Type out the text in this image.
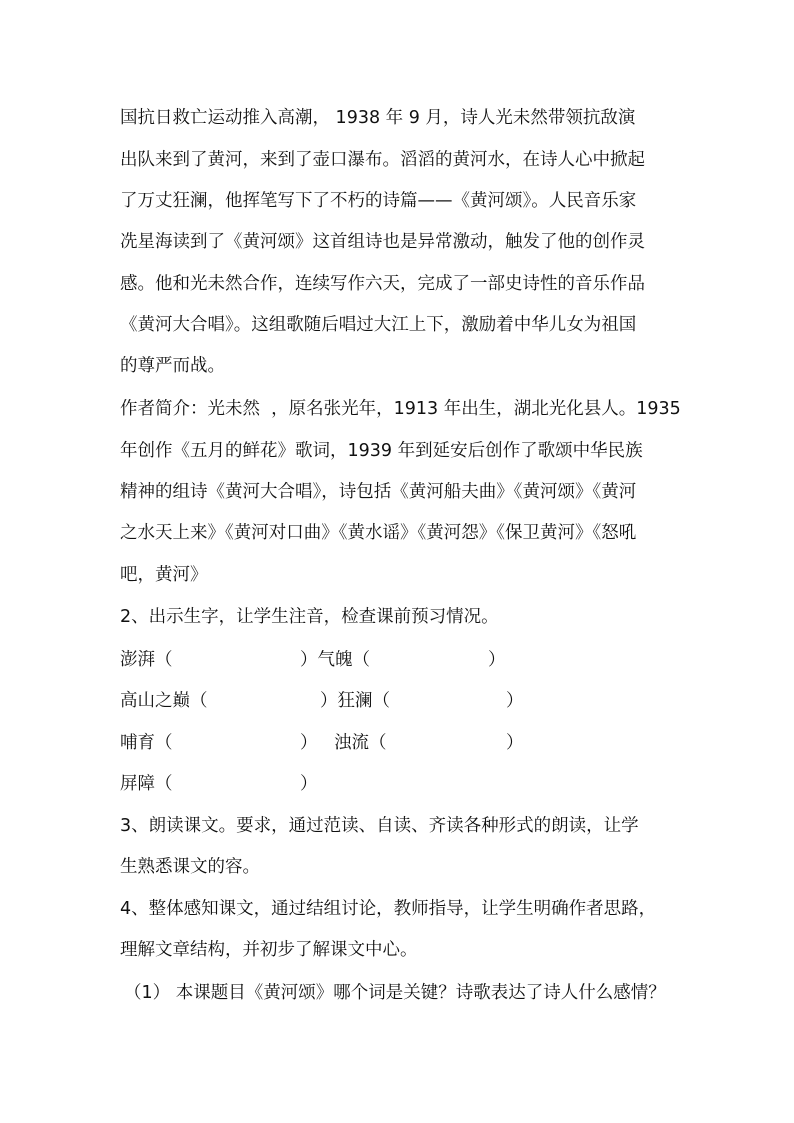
国抗日救亡运动推入高潮， 1938 年 9 月，诗人光未然带领抗敌演
出队来到了黄河，来到了壶口瀑布。滔滔的黄河水，在诗人心中掀起
了万丈狂澜，他挥笔写下了不朽的诗篇——《黄河颂》。人民音乐家
冼星海读到了《黄河颂》这首组诗也是异常激动，触发了他的创作灵
感。他和光未然合作，连续写作六天，完成了一部史诗性的音乐作品
《黄河大合唱》。这组歌随后唱过大江上下，激励着中华儿女为祖国
的尊严而战。
作者简介：光未然  ，原名张光年，1913 年出生，湖北光化县人。1935
年创作《五月的鲜花》歌词，1939 年到延安后创作了歌颂中华民族
精神的组诗《黄河大合唱》，诗包括《黄河船夫曲》《黄河颂》《黄河
之水天上来》《黄河对口曲》《黄水谣》《黄河怨》《保卫黄河》《怒吼
吧，黄河》
2、出示生字，让学生注音，检查课前预习情况。
澎湃（	）气魄（	）
高山之巅（	）狂澜（	）
哺育（	） 浊流（	）
屏障（	）
3、朗读课文。要求，通过范读、自读、齐读各种形式的朗读，让学
生熟悉课文的容。
4、整体感知课文，通过结组讨论，教师指导，让学生明确作者思路，
理解文章结构，并初步了解课文中心。
（1） 本课题目《黄河颂》哪个词是关键？诗歌表达了诗人什么感情？
